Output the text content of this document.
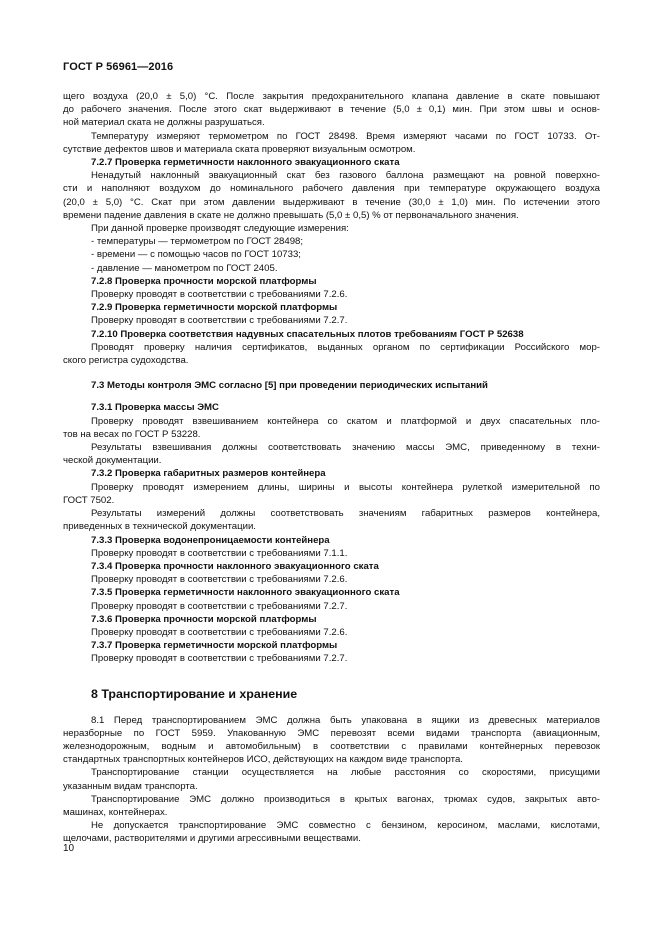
ГОСТ Р 56961—2016

щего воздуха (20,0 ± 5,0) °С. После закрытия предохранительного клапана давление в скате повышают
до рабочего значения. После этого скат выдерживают в течение (5,0 ± 0,1) мин. При этом швы и основ-
ной материал ската не должны разрушаться.

Температуру измеряют термометром по ГОСТ 28498. Время измеряют часами по ГОСТ 10733. От-
сутствие дефектов швов и материала ската проверяют визуальным осмотром.

7.2.7 Проверка герметичности наклонного эвакуационного ската

Ненадутый наклонный эвакуационный скат без газового баллона размещают на ровной поверхно-
сти и наполняют воздухом до номинального рабочего давления при температуре окружающего воздуха
(20,0 ± 5,0) °С. Скат при этом давлении выдерживают в течение (30,0 ± 1,0) мин. По истечении этого
времени падение давления в скате не должно превышать (5,0 ± 0,5) % от первоначального значения.

При данной проверке производят следующие измерения:

- температуры — термометром по ГОСТ 28498;

- времени — с помощью часов по ГОСТ 10733;

- давление — манометром по ГОСТ 2405.

7.2.8 Проверка прочности морской платформы

Проверку проводят в соответствии с требованиями 7.2.6.

7.2.9 Проверка герметичности морской платформы

Проверку проводят в соответствии с требованиями 7.2.7.

7.2.10 Проверка соответствия надувных спасательных плотов требованиям ГОСТ Р 52638

Проводят проверку наличия сертификатов, выданных органом по сертификации Российского мор-
ского регистра судоходства.

7.3 Методы контроля ЭМС согласно [5] при проведении периодических испытаний

7.3.1 Проверка массы ЭМС

Проверку проводят взвешиванием контейнера со скатом и платформой и двух спасательных пло-
тов на весах по ГОСТ Р 53228.

Результаты взвешивания должны соответствовать значению массы ЭМС, приведенному в техни-
ческой документации.

7.3.2 Проверка габаритных размеров контейнера

Проверку проводят измерением длины, ширины и высоты контейнера рулеткой измерительной по
ГОСТ 7502.

Результаты измерений должны соответствовать значениям габаритных размеров контейнера,
приведенных в технической документации.

7.3.3 Проверка водонепроницаемости контейнера

Проверку проводят в соответствии с требованиями 7.1.1.

7.3.4 Проверка прочности наклонного эвакуационного ската

Проверку проводят в соответствии с требованиями 7.2.6.

7.3.5 Проверка герметичности наклонного эвакуационного ската

Проверку проводят в соответствии с требованиями 7.2.7.

7.3.6 Проверка прочности морской платформы

Проверку проводят в соответствии с требованиями 7.2.6.

7.3.7 Проверка герметичности морской платформы

Проверку проводят в соответствии с требованиями 7.2.7.

8 Транспортирование и хранение

8.1 Перед транспортированием ЭМС должна быть упакована в ящики из древесных материалов
неразборные по ГОСТ 5959. Упакованную ЭМС перевозят всеми видами транспорта (авиационным,
железнодорожным, водным и автомобильным) в соответствии с правилами контейнерных перевозок
стандартных транспортных контейнеров ИСО, действующих на каждом виде транспорта.

Транспортирование станции осуществляется на любые расстояния со скоростями, присущими
указанным видам транспорта.

Транспортирование ЭМС должно производиться в крытых вагонах, трюмах судов, закрытых авто-
машинах, контейнерах.

Не допускается транспортирование ЭМС совместно с бензином, керосином, маслами, кислотами,
щелочами, растворителями и другими агрессивными веществами.

10
